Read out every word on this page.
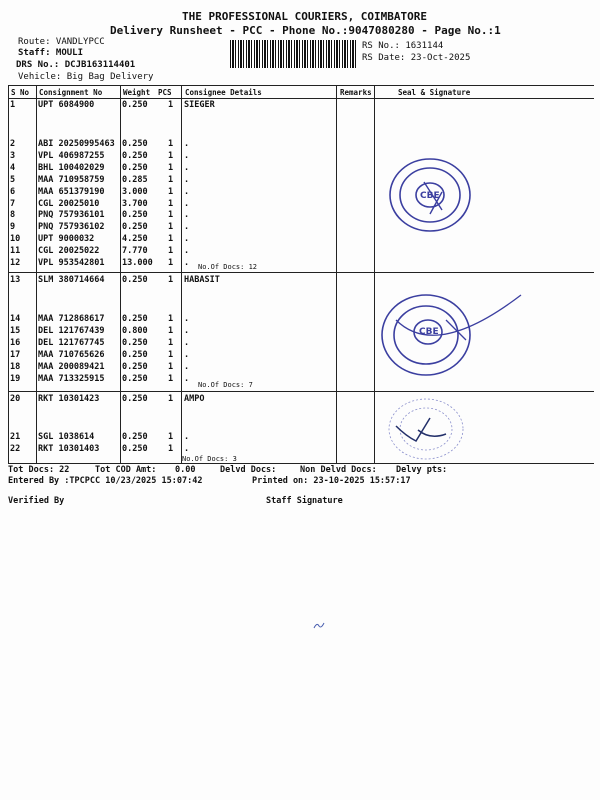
THE PROFESSIONAL COURIERS, COIMBATORE
Delivery Runsheet - PCC - Phone No.:9047080280 - Page No.:1
Route: VANDLYPCC
Staff: MOULI
DRS No.: DCJB163114401
Vehicle: Big Bag Delivery
RS No.: 1631144
RS Date: 23-Oct-2025
S No Consignment No	Weight PCS Consignee Details	Remarks	Seal & Signature
1	UPT 6084900	0.250 1 SIEGER
2	ABI 20250995463 0.250 1 .
3	VPL 406987255 0.250 1 .
4	BHL 100402029 0.250 1 .
5	MAA 710958759 0.285 1 .
6	MAA 651379190 3.000 1 .
7	CGL 20025010	3.700 1 .
8	PNQ 757936101 0.250 1 .
9	PNQ 757936102 0.250 1 .
10 UPT 9000032	4.250 1 .
11 CGL 20025022	7.770 1 .
12 VPL 953542801 13.000 1 . No.Of Docs: 12
13 SLM 380714664 0.250 1 HABASIT
14 MAA 712868617 0.250 1 .
15 DEL 121767439 0.800 1 .
16 DEL 121767745 0.250 1 .
17 MAA 710765626 0.250 1 .
18 MAA 200089421 0.250 1 .
19 MAA 713325915 0.250 1 .
No.Of Docs: 7
20 RKT 10301423	0.250 1 AMPO
21 SGL 1038614	0.250 1 .
22 RKT 10301403	0.250 1 .
No.Of Docs: 3
Tot Docs: 22	Tot COD Amt: 0.00	Delvd Docs:	Non Delvd Docs: Delvy pts:
Entered By :TPCPCC 10/23/2025 15:07:42	Printed on: 23-10-2025 15:57:17
Verified By	Staff Signature
CBE
CBE
